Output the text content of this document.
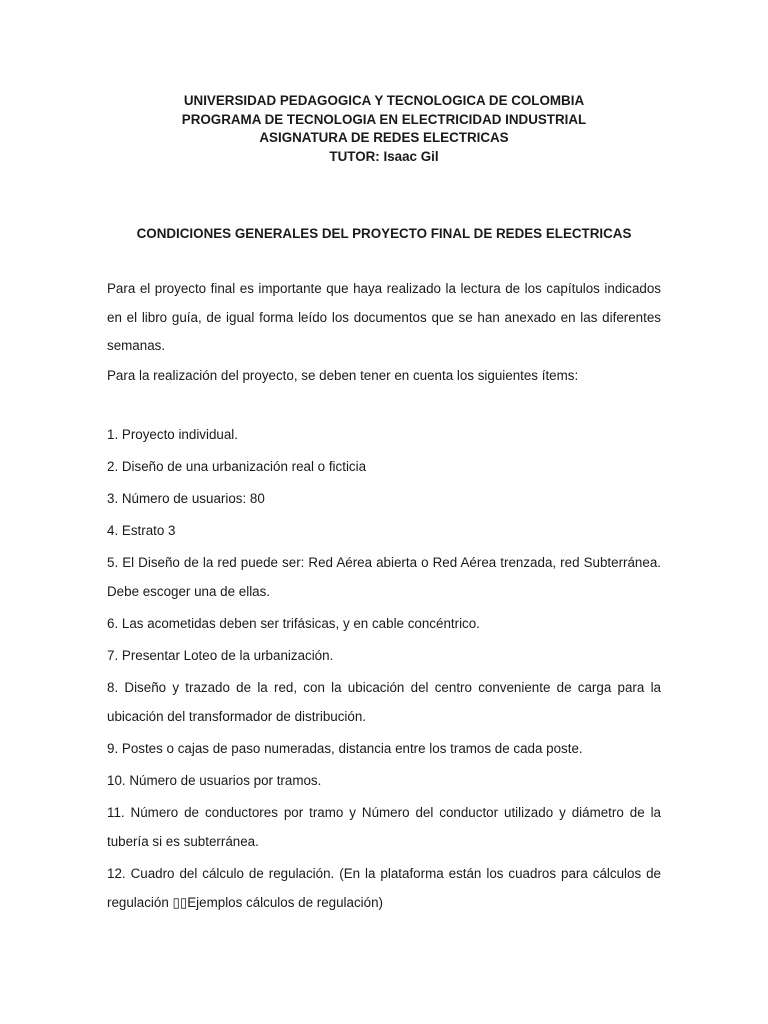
UNIVERSIDAD PEDAGOGICA Y TECNOLOGICA DE COLOMBIA
PROGRAMA DE TECNOLOGIA EN ELECTRICIDAD INDUSTRIAL
ASIGNATURA DE REDES ELECTRICAS
TUTOR: Isaac Gil
CONDICIONES GENERALES DEL PROYECTO FINAL DE REDES ELECTRICAS
Para el proyecto final es importante que haya realizado la lectura de los capítulos indicados en el libro guía, de igual forma leído los documentos que se han anexado en las diferentes semanas.
Para la realización del proyecto, se deben tener en cuenta los siguientes ítems:
1. Proyecto individual.
2. Diseño de una urbanización real o ficticia
3. Número de usuarios: 80
4. Estrato 3
5. El Diseño de la red puede ser: Red Aérea abierta o Red Aérea trenzada, red Subterránea. Debe escoger una de ellas.
6. Las acometidas deben ser trifásicas, y en cable concéntrico.
7. Presentar Loteo de la urbanización.
8. Diseño y trazado de la red, con la ubicación del centro conveniente de carga para la ubicación del transformador de distribución.
9. Postes o cajas de paso numeradas, distancia entre los tramos de cada poste.
10. Número de usuarios por tramos.
11. Número de conductores por tramo y Número del conductor utilizado y diámetro de la tubería si es subterránea.
12. Cuadro del cálculo de regulación. (En la plataforma están los cuadros para cálculos de regulación ▯▯Ejemplos cálculos de regulación)
